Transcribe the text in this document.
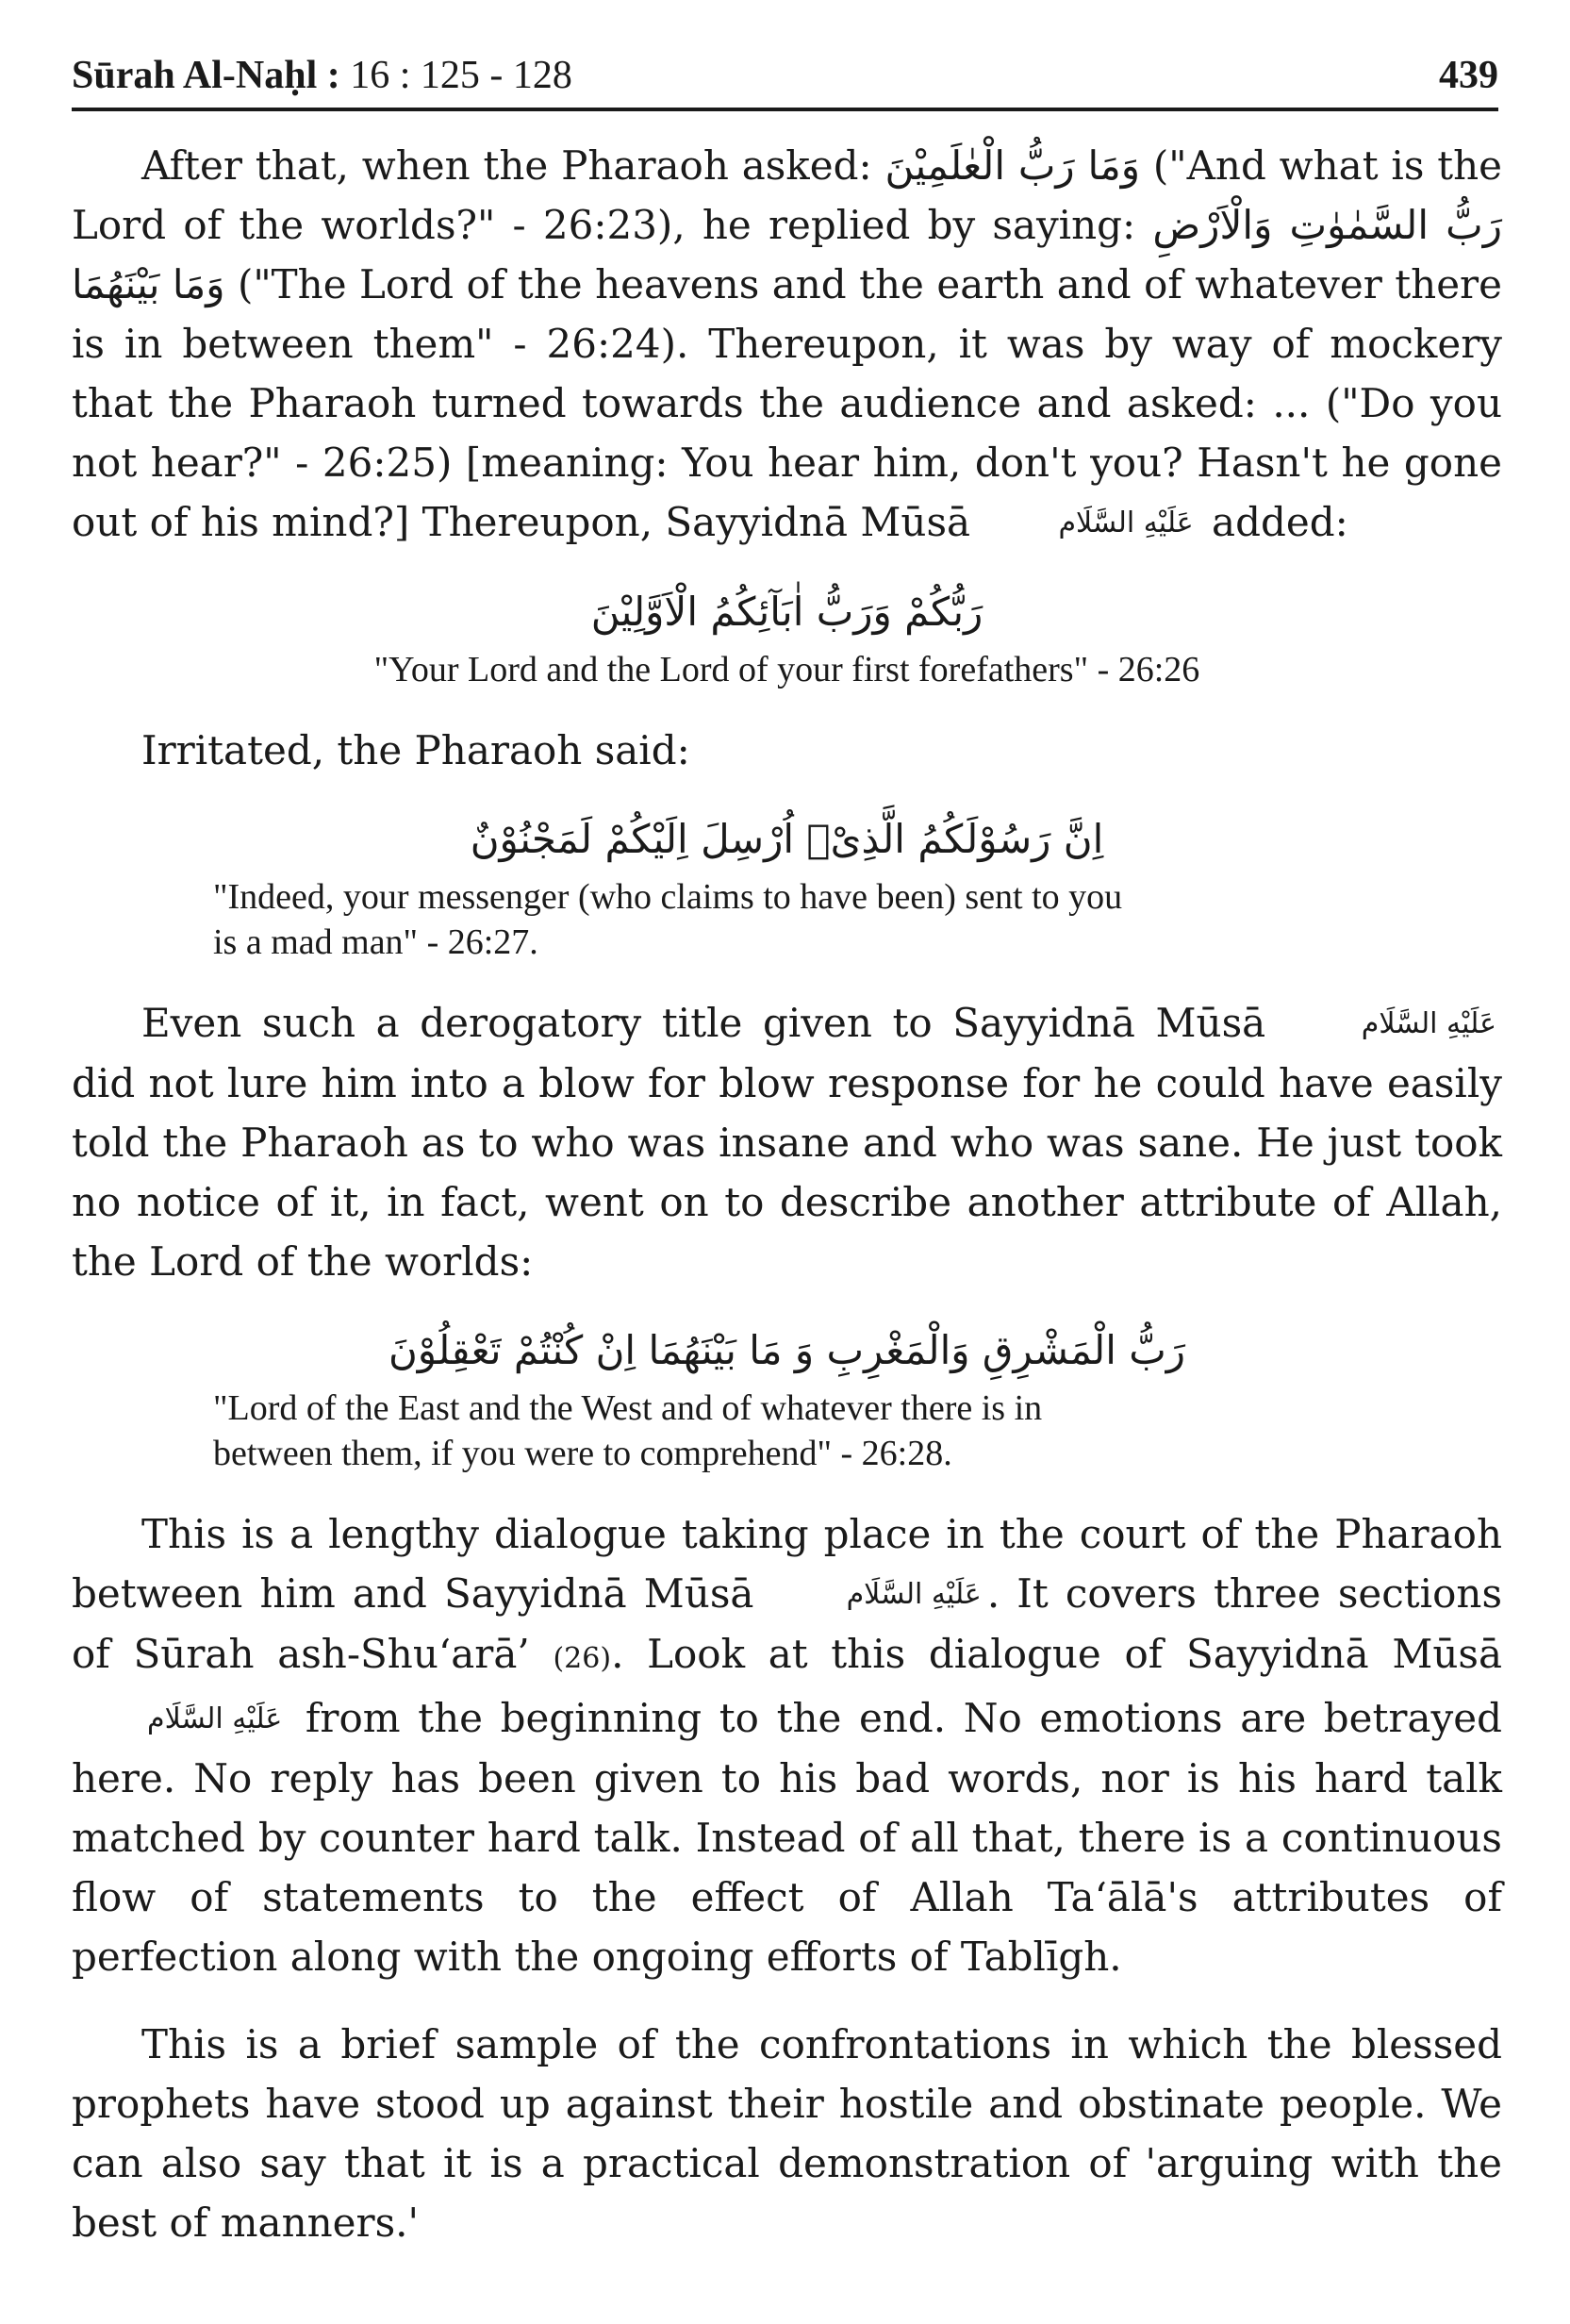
Sūrah Al-Naḥl : 16 : 125 - 128	439

After that, when the Pharaoh asked: وَمَا رَبُّ الْعٰلَمِيْنَ ("And what is the Lord of the worlds?" - 26:23), he replied by saying: رَبُّ السَّمٰوٰتِ وَالْاَرْضِ وَمَا بَيْنَهُمَا ("The Lord of the heavens and the earth and of whatever there is in between them" - 26:24). Thereupon, it was by way of mockery that the Pharaoh turned towards the audience and asked: ... ("Do you not hear?" - 26:25) [meaning: You hear him, don't you? Hasn't he gone out of his mind?] Thereupon, Sayyidnā Mūsā	عَلَيْهِ السَّلَام added:

رَبُّكُمْ وَرَبُّ اٰبَآئِكُمُ الْاَوَّلِيْنَ
"Your Lord and the Lord of your first forefathers" - 26:26

Irritated, the Pharaoh said:

اِنَّ رَسُوْلَكُمُ الَّذِیْۤ اُرْسِلَ اِلَيْكُمْ لَمَجْنُوْنٌ
"Indeed, your messenger (who claims to have been) sent to you
is a mad man" - 26:27.

Even such a derogatory title given to Sayyidnā Mūsā	عَلَيْهِ السَّلَام did not lure him into a blow for blow response for he could have easily told the Pharaoh as to who was insane and who was sane. He just took no notice of it, in fact, went on to describe another attribute of Allah, the Lord of the worlds:

رَبُّ الْمَشْرِقِ وَالْمَغْرِبِ وَ مَا بَيْنَهُمَا اِنْ كُنْتُمْ تَعْقِلُوْنَ
"Lord of the East and the West and of whatever there is in
between them, if you were to comprehend" - 26:28.

This is a lengthy dialogue taking place in the court of the Pharaoh between him and Sayyidnā Mūsā	عَلَيْهِ السَّلَام . It covers three sections of Sūrah ash-Shu‘arā’ (26). Look at this dialogue of Sayyidnā Mūsā عَلَيْهِ السَّلَام from the beginning to the end. No emotions are betrayed here. No reply has been given to his bad words, nor is his hard talk matched by counter hard talk. Instead of all that, there is a continuous flow of statements to the effect of Allah Ta‘ālā's attributes of perfection along with the ongoing efforts of Tablīgh.

This is a brief sample of the confrontations in which the blessed prophets have stood up against their hostile and obstinate people. We can also say that it is a practical demonstration of 'arguing with the best of manners.'
